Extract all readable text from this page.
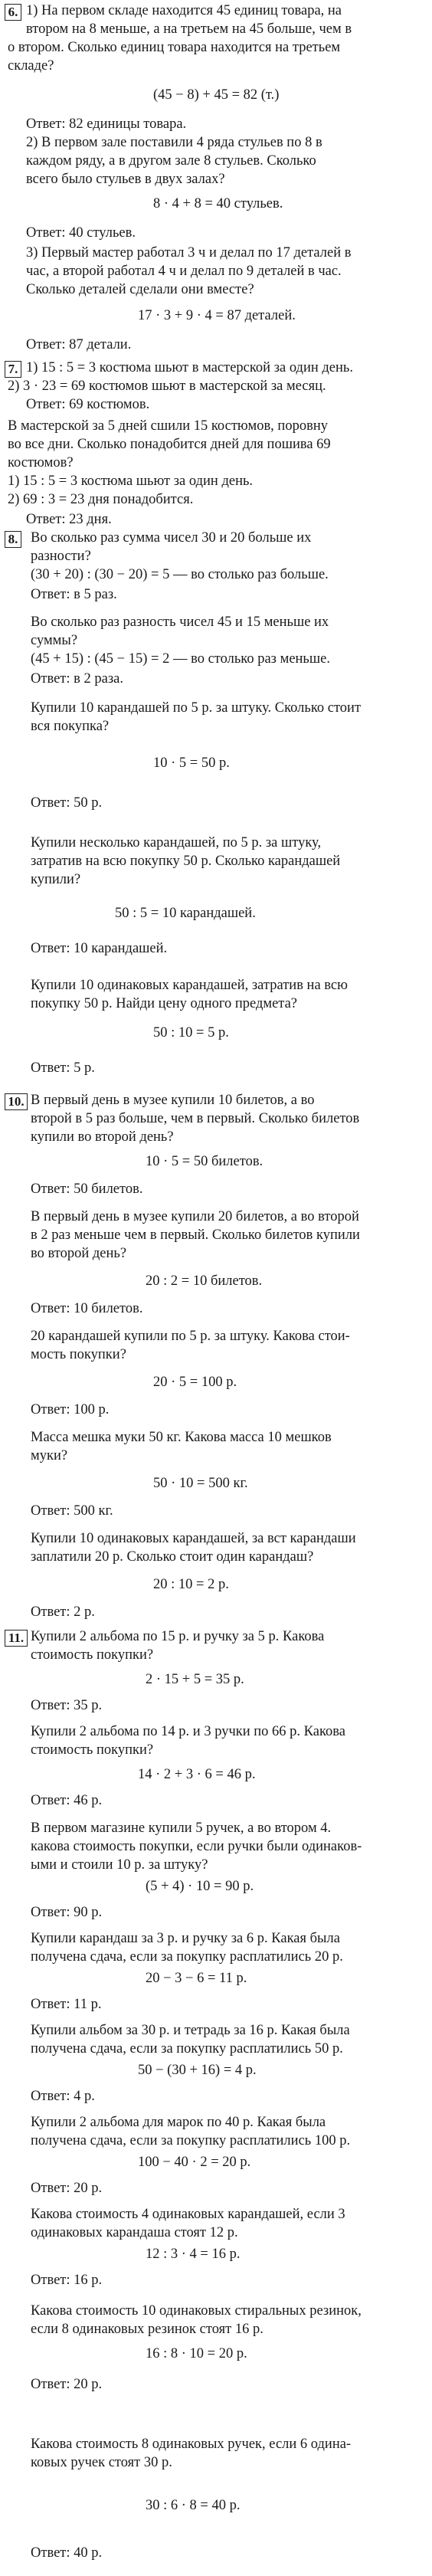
6. 1) На первом складе находится 45 единиц товара, на
втором на 8 меньше, а на третьем на 45 больше, чем в
о втором. Сколько единиц товара находится на третьем
складе?
(45 − 8) + 45 = 82 (т.)
Ответ: 82 единицы товара.
2) В первом зале поставили 4 ряда стульев по 8 в
каждом ряду, а в другом зале 8 стульев. Сколько
всего было стульев в двух залах?
8 · 4 + 8 = 40 стульев.
Ответ: 40 стульев.
3) Первый мастер работал 3 ч и делал по 17 деталей в
час, а второй работал 4 ч и делал по 9 деталей в час.
Сколько деталей сделали они вместе?
17 · 3 + 9 · 4 = 87 деталей.
Ответ: 87 детали.
7. 1) 15 : 5 = 3 костюма шьют в мастерской за один день.
2) 3 · 23 = 69 костюмов шьют в мастерской за месяц.
Ответ: 69 костюмов.
В мастерской за 5 дней сшили 15 костюмов, поровну
во все дни. Сколько понадобится дней для пошива 69
костюмов?
1) 15 : 5 = 3 костюма шьют за один день.
2) 69 : 3 = 23 дня понадобится.
Ответ: 23 дня.
8. Во сколько раз сумма чисел 30 и 20 больше их
разности?
(30 + 20) : (30 − 20) = 5 — во столько раз больше.
Ответ: в 5 раз.
Во сколько раз разность чисел 45 и 15 меньше их
суммы?
(45 + 15) : (45 − 15) = 2 — во столько раз меньше.
Ответ: в 2 раза.
Купили 10 карандашей по 5 р. за штуку. Сколько стоит
вся покупка?
10 · 5 = 50 р.
Ответ: 50 р.
Купили несколько карандашей, по 5 р. за штуку,
затратив на всю покупку 50 р. Сколько карандашей
купили?
50 : 5 = 10 карандашей.
Ответ: 10 карандашей.
Купили 10 одинаковых карандашей, затратив на всю
покупку 50 р. Найди цену одного предмета?
50 : 10 = 5 р.
Ответ: 5 р.
10. В первый день в музее купили 10 билетов, а во
второй в 5 раз больше, чем в первый. Сколько билетов
купили во второй день?
10 · 5 = 50 билетов.
Ответ: 50 билетов.
В первый день в музее купили 20 билетов, а во второй
в 2 раз меньше чем в первый. Сколько билетов купили
во второй день?
20 : 2 = 10 билетов.
Ответ: 10 билетов.
20 карандашей купили по 5 р. за штуку. Какова стои-
мость покупки?
20 · 5 = 100 р.
Ответ: 100 р.
Масса мешка муки 50 кг. Какова масса 10 мешков
муки?
50 · 10 = 500 кг.
Ответ: 500 кг.
Купили 10 одинаковых карандашей, за вст карандаши
заплатили 20 р. Сколько стоит один карандаш?
20 : 10 = 2 р.
Ответ: 2 р.
11. Купили 2 альбома по 15 р. и ручку за 5 р. Какова
стоимость покупки?
2 · 15 + 5 = 35 р.
Ответ: 35 р.
Купили 2 альбома по 14 р. и 3 ручки по 66 р. Какова
стоимость покупки?
14 · 2 + 3 · 6 = 46 р.
Ответ: 46 р.
В первом магазине купили 5 ручек, а во втором 4.
какова стоимость покупки, если ручки были одинаков-
ыми и стоили 10 р. за штуку?
(5 + 4) · 10 = 90 р.
Ответ: 90 р.
Купили карандаш за 3 р. и ручку за 6 р. Какая была
получена сдача, если за покупку расплатились 20 р.
20 − 3 − 6 = 11 р.
Ответ: 11 р.
Купили альбом за 30 р. и тетрадь за 16 р. Какая была
получена сдача, если за покупку расплатились 50 р.
50 − (30 + 16) = 4 р.
Ответ: 4 р.
Купили 2 альбома для марок по 40 р. Какая была
получена сдача, если за покупку расплатились 100 р.
100 − 40 · 2 = 20 р.
Ответ: 20 р.
Какова стоимость 4 одинаковых карандашей, если 3
одинаковых карандаша стоят 12 р.
12 : 3 · 4 = 16 р.
Ответ: 16 р.
Какова стоимость 10 одинаковых стиральных резинок,
если 8 одинаковых резинок стоят 16 р.
16 : 8 · 10 = 20 р.
Ответ: 20 р.
Какова стоимость 8 одинаковых ручек, если 6 одина-
ковых ручек стоят 30 р.
30 : 6 · 8 = 40 р.
Ответ: 40 р.
